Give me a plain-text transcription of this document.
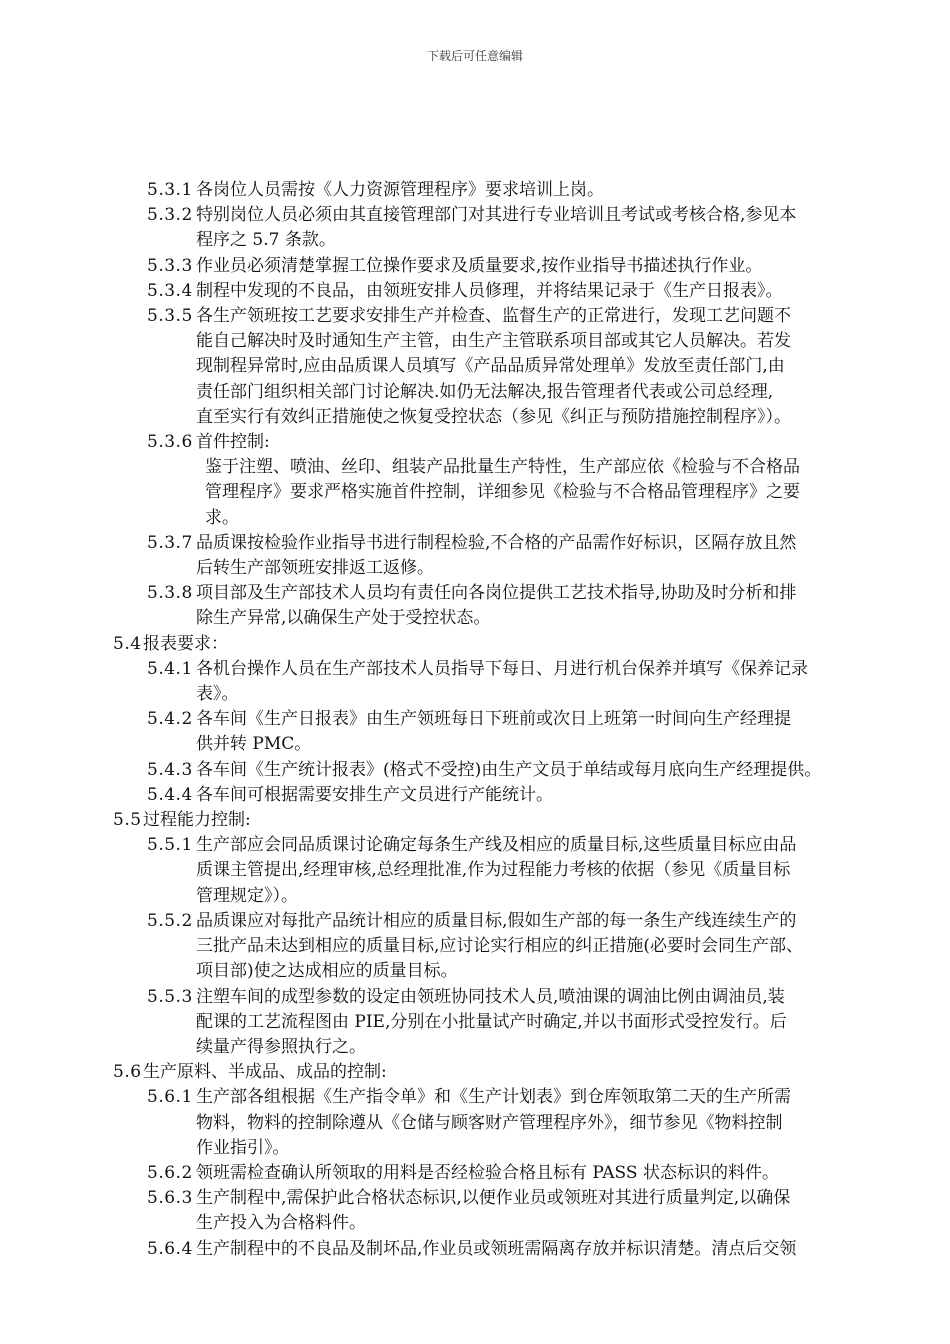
下载后可任意编辑
5.3.1 各岗位人员需按《人力资源管理程序》要求培训上岗。
5.3.2 特别岗位人员必须由其直接管理部门对其进行专业培训且考试或考核合格,参见本
程序之 5.7 条款。
5.3.3 作业员必须清楚掌握工位操作要求及质量要求,按作业指导书描述执行作业。
5.3.4 制程中发现的不良品，由领班安排人员修理，并将结果记录于《生产日报表》。
5.3.5 各生产领班按工艺要求安排生产并检查、监督生产的正常进行，发现工艺问题不
能自己解决时及时通知生产主管，由生产主管联系项目部或其它人员解决。若发
现制程异常时,应由品质课人员填写《产品品质异常处理单》发放至责任部门,由
责任部门组织相关部门讨论解决.如仍无法解决,报告管理者代表或公司总经理,
直至实行有效纠正措施使之恢复受控状态（参见《纠正与预防措施控制程序》）。
5.3.6 首件控制:
鉴于注塑、喷油、丝印、组装产品批量生产特性，生产部应依《检验与不合格品
管理程序》要求严格实施首件控制，详细参见《检验与不合格品管理程序》之要
求。
5.3.7 品质课按检验作业指导书进行制程检验,不合格的产品需作好标识，区隔存放且然
后转生产部领班安排返工返修。
5.3.8 项目部及生产部技术人员均有责任向各岗位提供工艺技术指导,协助及时分析和排
除生产异常,以确保生产处于受控状态。
5.4 报表要求：
5.4.1 各机台操作人员在生产部技术人员指导下每日、月进行机台保养并填写《保养记录
表》。
5.4.2 各车间《生产日报表》由生产领班每日下班前或次日上班第一时间向生产经理提
供并转 PMC。
5.4.3 各车间《生产统计报表》(格式不受控)由生产文员于单结或每月底向生产经理提供。
5.4.4 各车间可根据需要安排生产文员进行产能统计。
5.5 过程能力控制:
5.5.1 生产部应会同品质课讨论确定每条生产线及相应的质量目标,这些质量目标应由品
质课主管提出,经理审核,总经理批准,作为过程能力考核的依据（参见《质量目标
管理规定》）。
5.5.2 品质课应对每批产品统计相应的质量目标,假如生产部的每一条生产线连续生产的
三批产品未达到相应的质量目标,应讨论实行相应的纠正措施(必要时会同生产部、
项目部)使之达成相应的质量目标。
5.5.3 注塑车间的成型参数的设定由领班协同技术人员,喷油课的调油比例由调油员,装
配课的工艺流程图由 PIE,分别在小批量试产时确定,并以书面形式受控发行。后
续量产得参照执行之。
5.6 生产原料、半成品、成品的控制:
5.6.1 生产部各组根据《生产指令单》和《生产计划表》到仓库领取第二天的生产所需
物料，物料的控制除遵从《仓储与顾客财产管理程序外》，细节参见《物料控制
作业指引》。
5.6.2 领班需检查确认所领取的用料是否经检验合格且标有 PASS 状态标识的料件。
5.6.3 生产制程中,需保护此合格状态标识,以便作业员或领班对其进行质量判定,以确保
生产投入为合格料件。
5.6.4 生产制程中的不良品及制坏品,作业员或领班需隔离存放并标识清楚。清点后交领
